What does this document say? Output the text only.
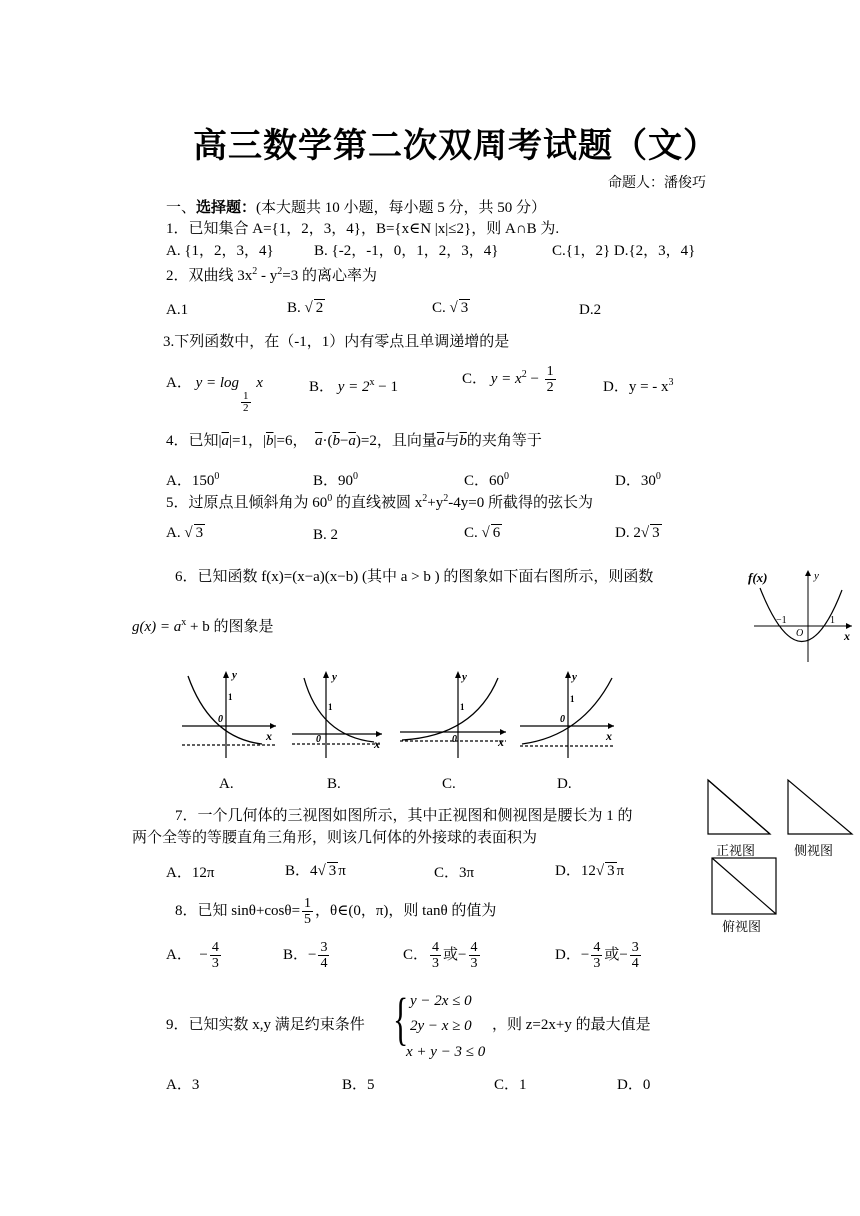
高三数学第二次双周考试题（文）
命题人：潘俊巧
一、选择题：(本大题共 10 小题，每小题 5 分，共 50 分）
1．已知集合 A={1，2，3，4}，B={x∈N |x|≤2}，则 A∩B 为.
A. {1，2，3，4}	B. {-2，-1，0，1，2，3，4}	C.{1，2} D.{2，3，4}
2．双曲线 $3x^2 - y^2=3$ 的离心率为
A.1	B. √ 2	C. √ 3	D.2
3.下列函数中，在（-1，1）内有零点且单调递增的是
A． y = log
$\frac{1}{2}$
x	B． $y = 2^x - 1$
C． $y = x^2 - \frac{1}{2}$	D．y = - $x^3$
4．已知$|\overline{a}|=1$，$|\overline{b}|=6$， $\overline{a}\cdot(\overline{b}-\overline{a})=2$，且向量$\overline{a}$与$\overline{b}$的夹角等于
A．$150^0$	B．$90^0$	C．$60^0$	D．$30^0$
5．过原点且倾斜角为 $60^0$ 的直线被圆 $x^2+y^2-4y=0$ 所截得的弦长为
A. √ 3	B. 2	C. √ 6	D. 2√ 3
6．已知函数 f(x)=(x−a)(x−b) (其中 a > b ) 的图象如下面右图所示，则函数
$g(x) = a^x + b$ 的图象是
f(x)	y
x
O
−1	1
y
x
1
0
y
x
1
0
y
x
1
0
y
x
1
0
A.	B.	C.	D.
7．一个几何体的三视图如图所示，其中正视图和侧视图是腰长为 1 的
两个全等的等腰直角三角形，则该几何体的外接球的表面积为
A．12π	B．4√ 3 π	C．3π	D．12√ 3 π
正视图	侧视图
俯视图
8．已知 $\sin\theta+\cos\theta= \frac{1}{5}$ ，θ∈(0，π)，则 tanθ 的值为
A． − $\frac{4}{3}$	B．− $\frac{3}{4}$	C． $\frac{4}{3}$ 或− $\frac{4}{3}$	D．− $\frac{4}{3}$ 或− $\frac{3}{4}$
9．已知实数 x,y 满足约束条件 { y − 2x ≤ 0
2y − x ≥ 0
x + y − 3 ≤ 0
，则 z=2x+y 的最大值是
A．3	B．5	C．1	D．0
